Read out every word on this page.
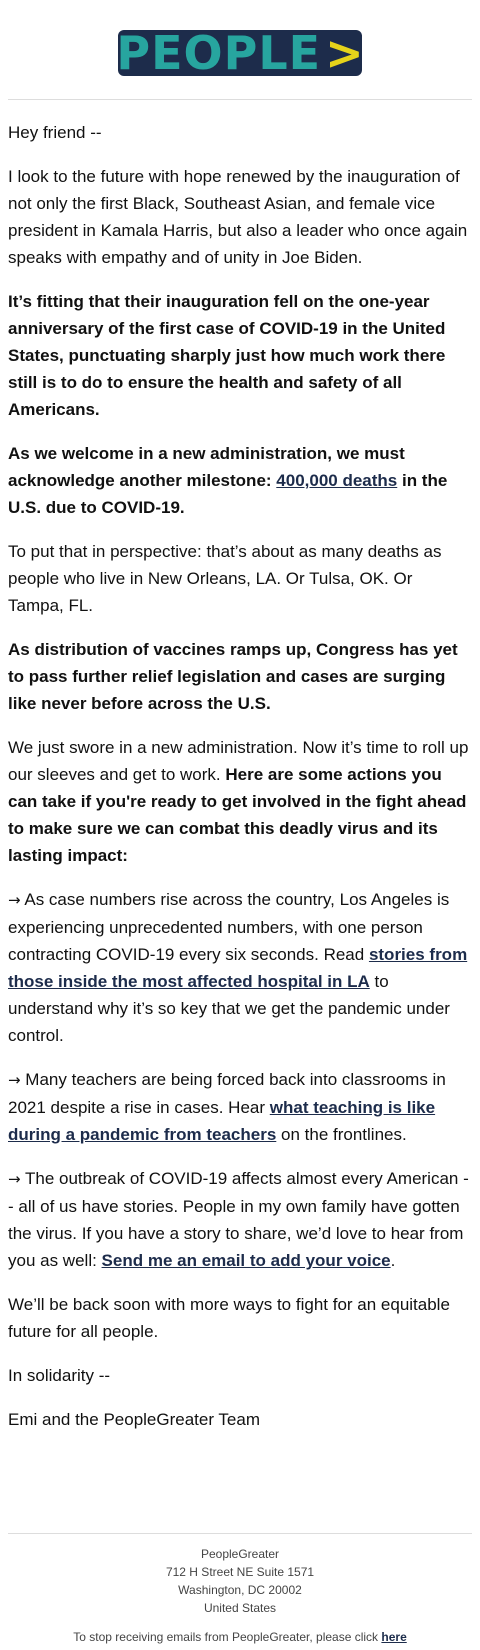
PEOPLE >

Hey friend --

I look to the future with hope renewed by the inauguration of not only the first Black, Southeast Asian, and female vice president in Kamala Harris, but also a leader who once again speaks with empathy and of unity in Joe Biden.

It’s fitting that their inauguration fell on the one-year anniversary of the first case of COVID-19 in the United States, punctuating sharply just how much work there still is to do to ensure the health and safety of all Americans.

As we welcome in a new administration, we must acknowledge another milestone: 400,000 deaths in the U.S. due to COVID-19.

To put that in perspective: that’s about as many deaths as people who live in New Orleans, LA. Or Tulsa, OK. Or Tampa, FL.

As distribution of vaccines ramps up, Congress has yet to pass further relief legislation and cases are surging like never before across the U.S.

We just swore in a new administration. Now it’s time to roll up our sleeves and get to work. Here are some actions you can take if you're ready to get involved in the fight ahead to make sure we can combat this deadly virus and its lasting impact:

→ As case numbers rise across the country, Los Angeles is experiencing unprecedented numbers, with one person contracting COVID-19 every six seconds. Read stories from those inside the most affected hospital in LA to understand why it’s so key that we get the pandemic under control.

→ Many teachers are being forced back into classrooms in 2021 despite a rise in cases. Hear what teaching is like during a pandemic from teachers on the frontlines.

→ The outbreak of COVID-19 affects almost every American -- all of us have stories. People in my own family have gotten the virus. If you have a story to share, we’d love to hear from you as well: Send me an email to add your voice.

We’ll be back soon with more ways to fight for an equitable future for all people.

In solidarity --

Emi and the PeopleGreater Team

PeopleGreater
712 H Street NE Suite 1571
Washington, DC 20002
United States
To stop receiving emails from PeopleGreater, please click here
